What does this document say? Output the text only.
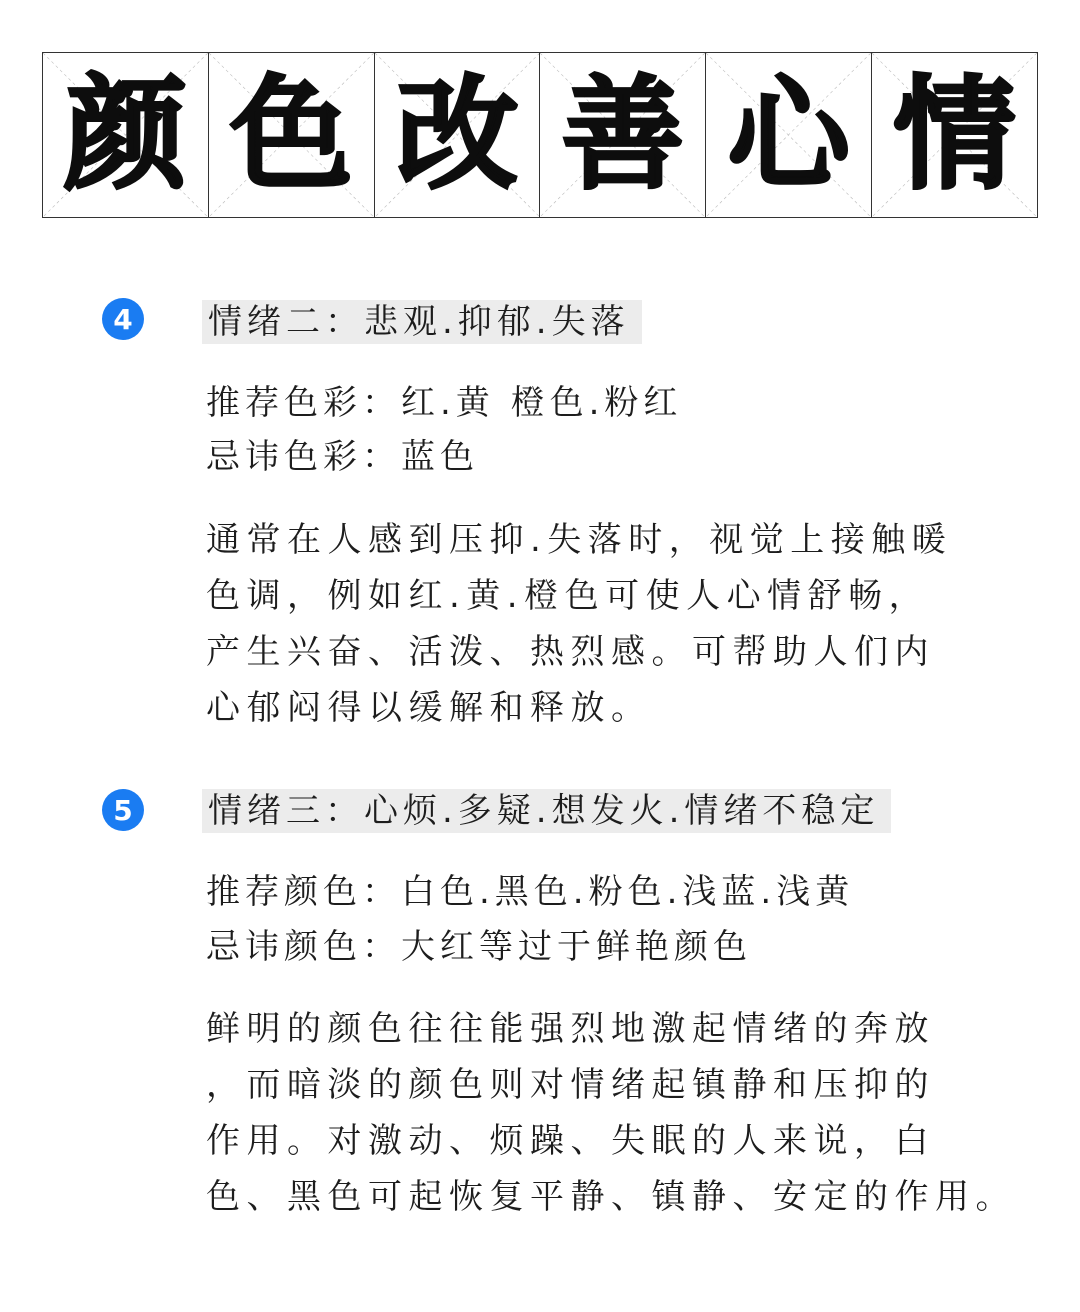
颜 色 改 善 心 情
4	情绪二：悲观.抑郁.失落
推荐色彩：红.黄 橙色.粉红
忌讳色彩：蓝色
通常在人感到压抑.失落时，视觉上接触暖
色调，例如红.黄.橙色可使人心情舒畅，
产生兴奋、活泼、热烈感。可帮助人们内
心郁闷得以缓解和释放。
5	情绪三：心烦.多疑.想发火.情绪不稳定
推荐颜色：白色.黑色.粉色.浅蓝.浅黄
忌讳颜色：大红等过于鲜艳颜色
鲜明的颜色往往能强烈地激起情绪的奔放
，而暗淡的颜色则对情绪起镇静和压抑的
作用。对激动、烦躁、失眠的人来说，白
色、黑色可起恢复平静、镇静、安定的作用。
